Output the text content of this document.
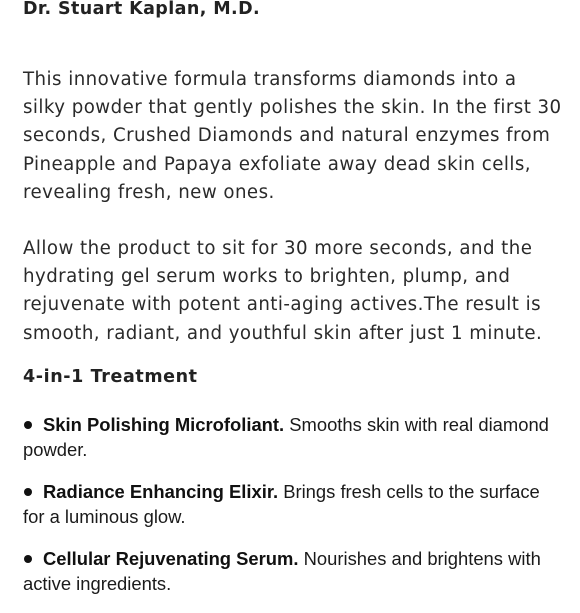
Dr. Stuart Kaplan, M.D.

This innovative formula transforms diamonds into a silky powder that gently polishes the skin. In the first 30 seconds, Crushed Diamonds and natural enzymes from Pineapple and Papaya exfoliate away dead skin cells, revealing fresh, new ones.

Allow the product to sit for 30 more seconds, and the hydrating gel serum works to brighten, plump, and rejuvenate with potent anti-aging actives.The result is smooth, radiant, and youthful skin after just 1 minute.

4-in-1 Treatment
Skin Polishing Microfoliant. Smooths skin with real diamond powder.
Radiance Enhancing Elixir. Brings fresh cells to the surface for a luminous glow.
Cellular Rejuvenating Serum. Nourishes and brightens with active ingredients.
